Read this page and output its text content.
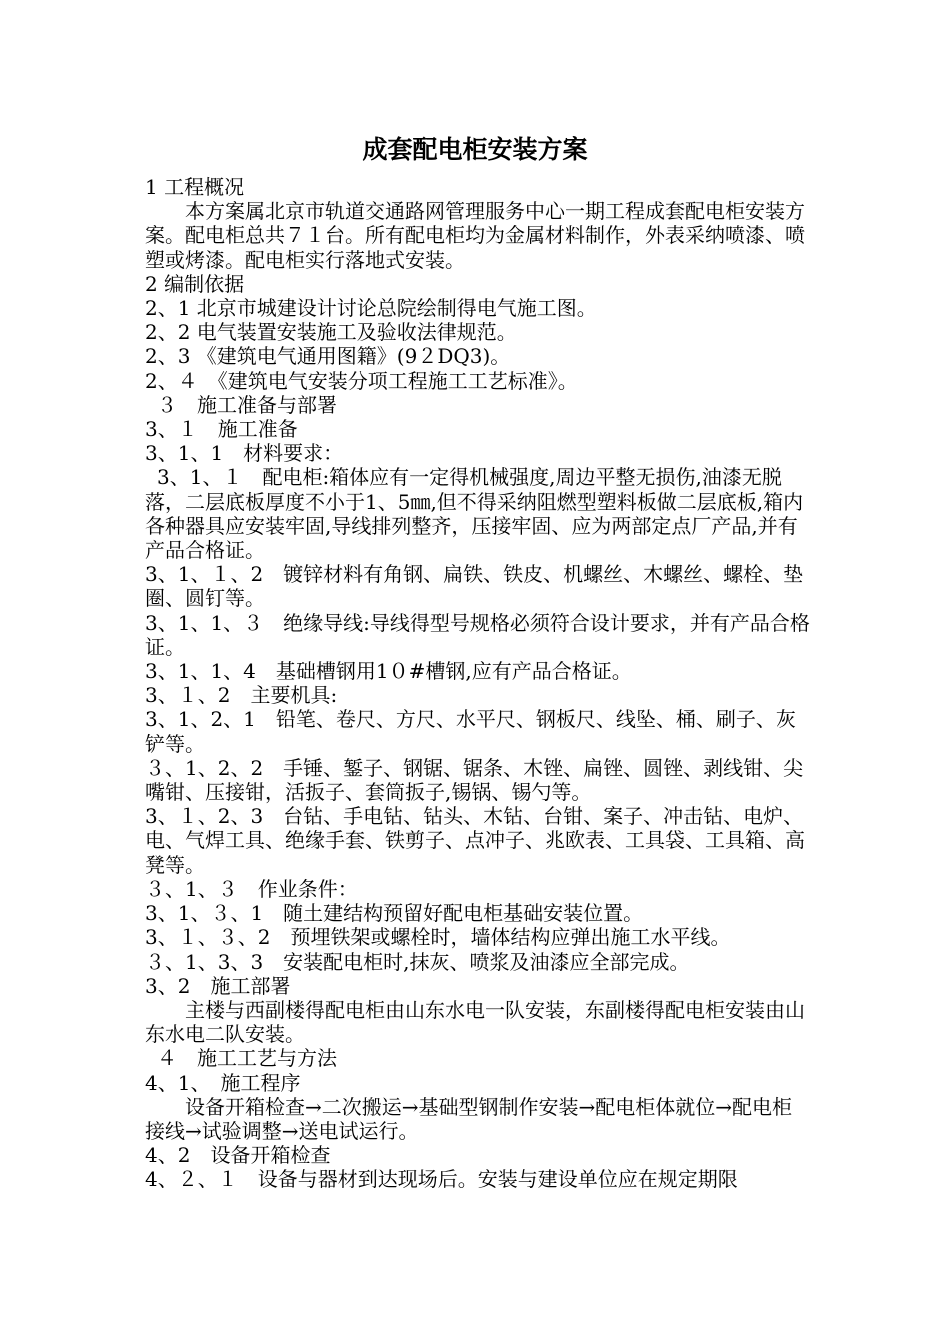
成套配电柜安装方案

1 工程概况

本方案属北京市轨道交通路网管理服务中心一期工程成套配电柜安装方案。配电柜总共７１台。所有配电柜均为金属材料制作，外表采纳喷漆、喷塑或烤漆。配电柜实行落地式安装。

2 编制依据

2、1 北京市城建设计讨论总院绘制得电气施工图。

2、2 电气装置安装施工及验收法律规范。

2、3 《建筑电气通用图籍》(9２DQ3)。

2、４　《建筑电气安装分项工程施工工艺标准》。

３　施工准备与部署

3、１　施工准备

3、1、1　材料要求：

3、1、１　配电柜:箱体应有一定得机械强度,周边平整无损伤,油漆无脱落，二层底板厚度不小于1、5㎜,但不得采纳阻燃型塑料板做二层底板,箱内各种器具应安装牢固,导线排列整齐，压接牢固、应为两部定点厂产品,并有产品合格证。

3、1、１、2　镀锌材料有角钢、扁铁、铁皮、机螺丝、木螺丝、螺栓、垫圈、圆钉等。

3、1、1、３　绝缘导线:导线得型号规格必须符合设计要求，并有产品合格证。

3、1、1、4　基础槽钢用1０#槽钢,应有产品合格证。

3、１、2　主要机具:

3、1、2、1　铅笔、卷尺、方尺、水平尺、钢板尺、线坠、桶、刷子、灰铲等。

３、1、2、2　手锤、錾子、钢锯、锯条、木锉、扁锉、圆锉、剥线钳、尖嘴钳、压接钳，活扳子、套筒扳子,锡锅、锡勺等。

3、１、2、3　台钻、手电钻、钻头、木钻、台钳、案子、冲击钻、电炉、电、气焊工具、绝缘手套、铁剪子、点冲子、兆欧表、工具袋、工具箱、高凳等。

３、1、３　作业条件：

3、1、３、1　随土建结构预留好配电柜基础安装位置。

3、１、３、2　预埋铁架或螺栓时，墙体结构应弹出施工水平线。

３、1、3、3　安装配电柜时,抹灰、喷浆及油漆应全部完成。

3、2　施工部署

主楼与西副楼得配电柜由山东水电一队安装，东副楼得配电柜安装由山东水电二队安装。

４　施工工艺与方法

4、1、　施工程序

设备开箱检查→二次搬运→基础型钢制作安装→配电柜体就位→配电柜接线→试验调整→送电试运行。

4、2　设备开箱检查

4、２、１　设备与器材到达现场后。安装与建设单位应在规定期限
